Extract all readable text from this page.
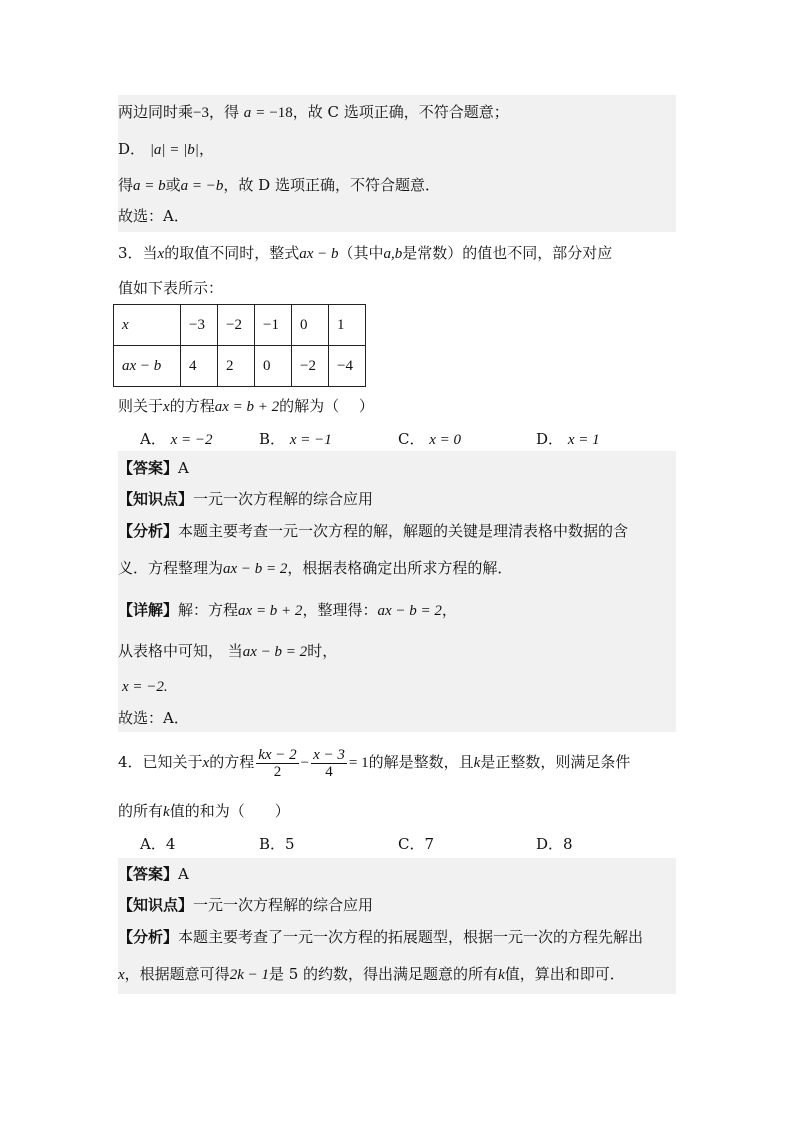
两边同时乘−3，得 a = −18，故 C 选项正确，不符合题意；
D． |a| = |b|，
得a = b或a = −b，故 D 选项正确，不符合题意．
故选：A．
3．当x的取值不同时，整式ax − b（其中a,b是常数）的值也不同，部分对应
值如下表所示：
x	−3	−2	−1	0	1
ax − b	4	2	0	−2	−4
则关于x的方程ax = b + 2的解为（　 ）
A． x = −2	B． x = −1	C． x = 0	D． x = 1
【答案】A
【知识点】一元一次方程解的综合应用
【分析】本题主要考查一元一次方程的解，解题的关键是理清表格中数据的含
义．方程整理为ax − b = 2，根据表格确定出所求方程的解．
【详解】解：方程ax = b + 2，整理得：ax − b = 2，
从表格中可知， 当ax − b = 2时，
x = −2.
故选：A．
4．已知关于x的方程 $\frac{kx - 2}{2} - \frac{x - 3}{4} = 1$的解是整数，且k是正整数，则满足条件
的所有k值的和为（　　）
A．4	B．5	C．7	D．8
【答案】A
【知识点】一元一次方程解的综合应用
【分析】本题主要考查了一元一次方程的拓展题型，根据一元一次的方程先解出
x，根据题意可得2k − 1是 5 的约数，得出满足题意的所有k值，算出和即可．
